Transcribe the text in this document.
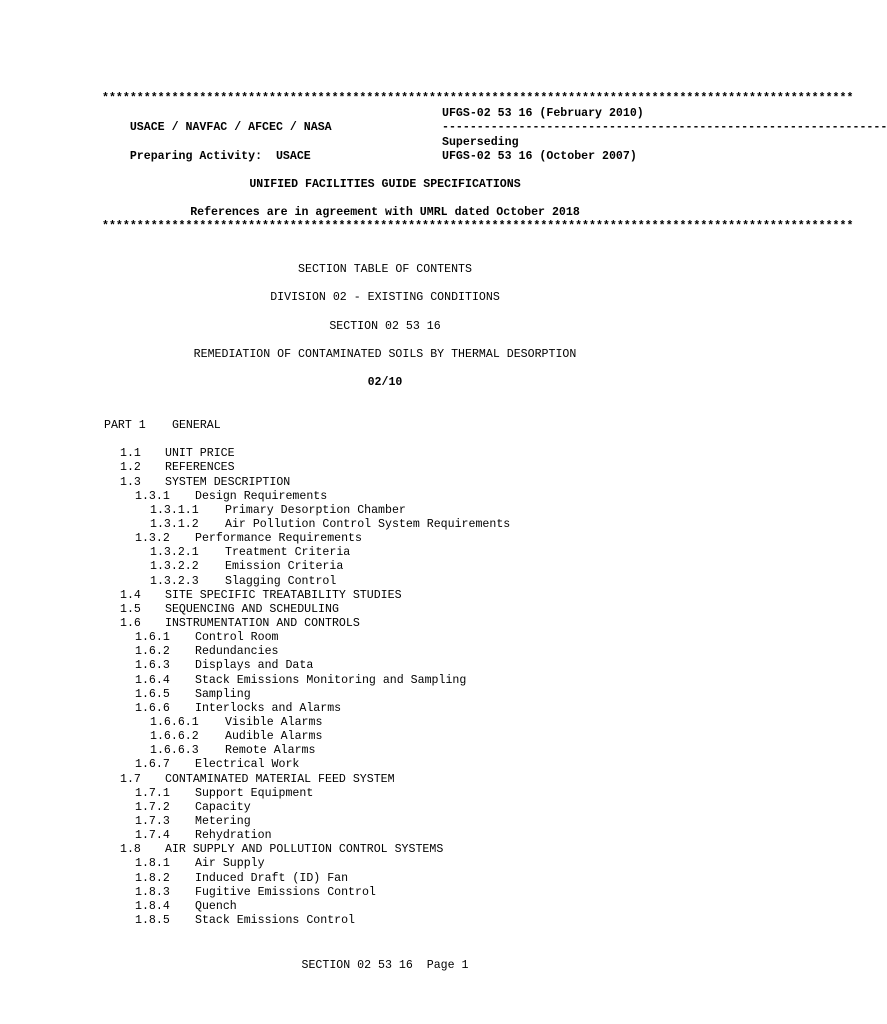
************************************************************************************************************

USACE / NAVFAC / AFCEC / NASA

UFGS-02 53 16 (February 2010)

----------------------------------------------------------------

Preparing Activity:  USACE

Superseding

UFGS-02 53 16 (October 2007)

UNIFIED FACILITIES GUIDE SPECIFICATIONS
References are in agreement with UMRL dated October 2018
************************************************************************************************************
SECTION TABLE OF CONTENTS
DIVISION 02 - EXISTING CONDITIONS
SECTION 02 53 16
REMEDIATION OF CONTAMINATED SOILS BY THERMAL DESORPTION
02/10
PART 1 GENERAL
1.1 UNIT PRICE
1.2 REFERENCES
1.3 SYSTEM DESCRIPTION
1.3.1 Design Requirements
1.3.1.1 Primary Desorption Chamber
1.3.1.2 Air Pollution Control System Requirements
1.3.2 Performance Requirements
1.3.2.1 Treatment Criteria
1.3.2.2 Emission Criteria
1.3.2.3 Slagging Control
1.4 SITE SPECIFIC TREATABILITY STUDIES
1.5 SEQUENCING AND SCHEDULING
1.6 INSTRUMENTATION AND CONTROLS
1.6.1 Control Room
1.6.2 Redundancies
1.6.3 Displays and Data
1.6.4 Stack Emissions Monitoring and Sampling
1.6.5 Sampling
1.6.6 Interlocks and Alarms
1.6.6.1 Visible Alarms
1.6.6.2 Audible Alarms
1.6.6.3 Remote Alarms
1.6.7 Electrical Work
1.7 CONTAMINATED MATERIAL FEED SYSTEM
1.7.1 Support Equipment
1.7.2 Capacity
1.7.3 Metering
1.7.4 Rehydration
1.8 AIR SUPPLY AND POLLUTION CONTROL SYSTEMS
1.8.1 Air Supply
1.8.2 Induced Draft (ID) Fan
1.8.3 Fugitive Emissions Control
1.8.4 Quench
1.8.5 Stack Emissions Control
SECTION 02 53 16  Page 1
